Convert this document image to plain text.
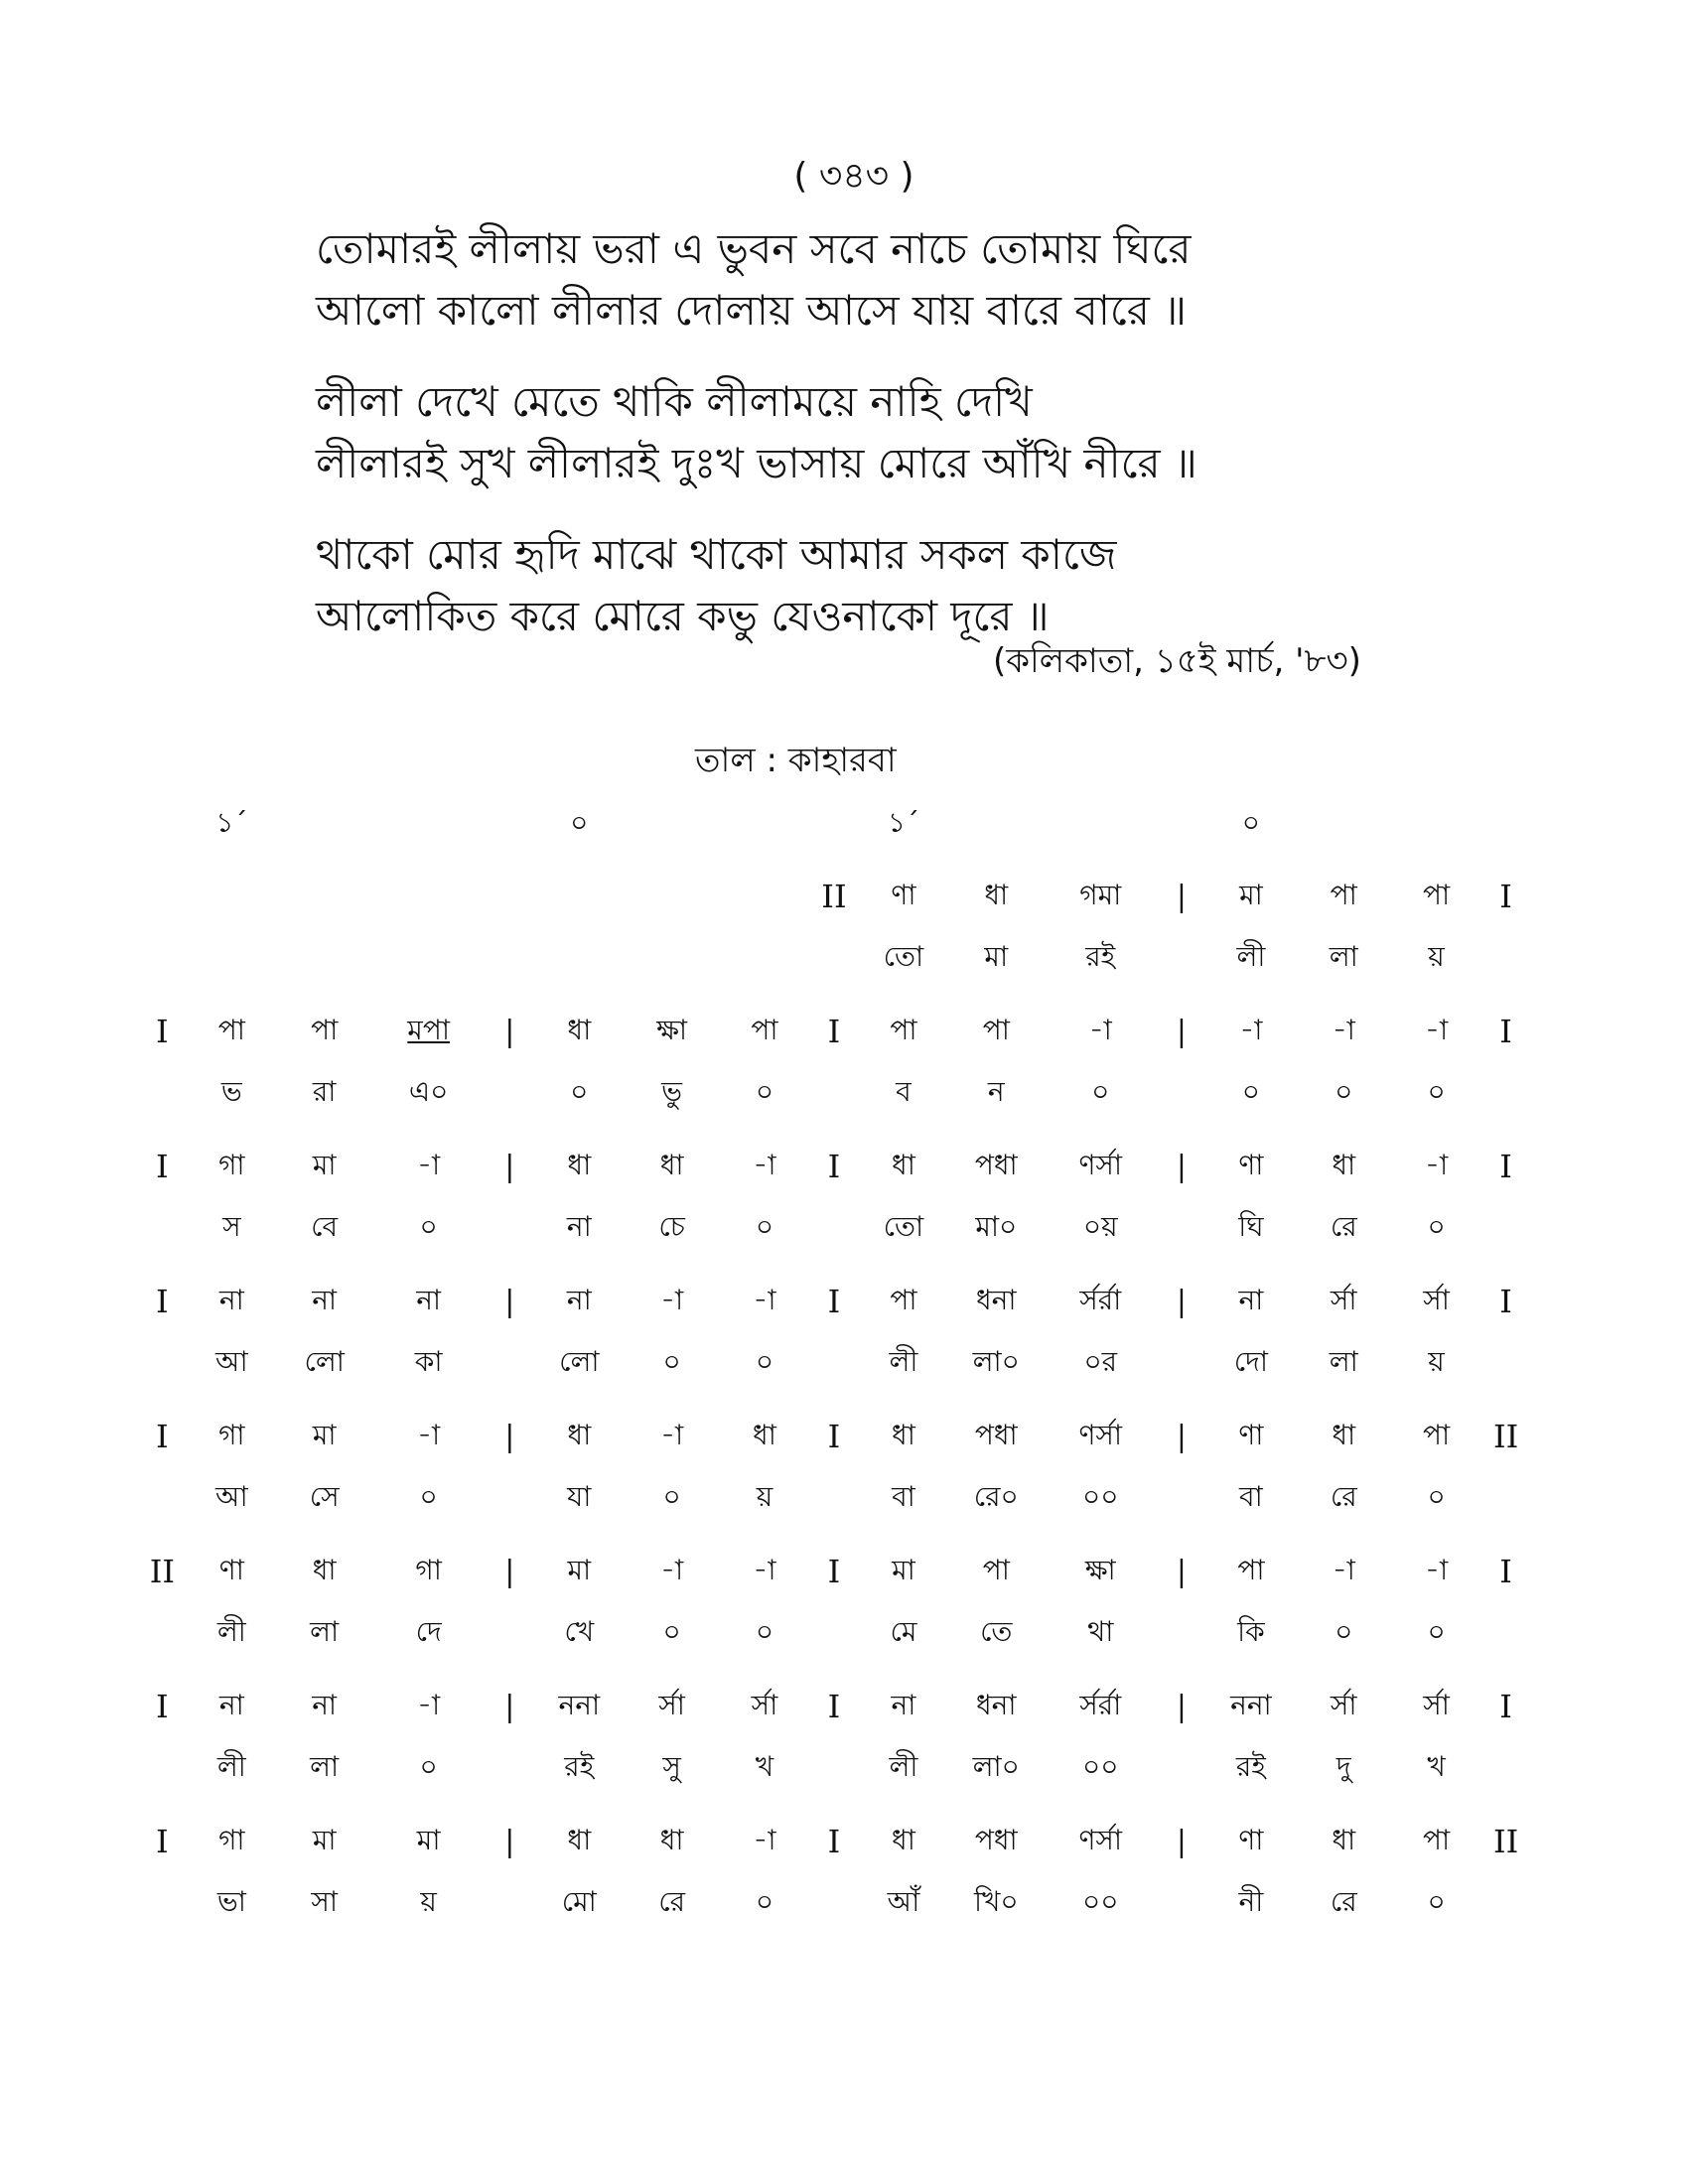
( ৩৪৩ )
তোমারই লীলায় ভরা এ ভুবন সবে নাচে তোমায় ঘিরে
আলো কালো লীলার দোলায় আসে যায় বারে বারে ॥
লীলা দেখে মেতে থাকি লীলাময়ে নাহি দেখি
লীলারই সুখ লীলারই দুঃখ ভাসায় মোরে আঁখি নীরে ॥
থাকো মোর হৃদি মাঝে থাকো আমার সকল কাজে
আলোকিত করে মোরে কভু যেওনাকো দূরে ॥
(কলিকাতা, ১৫ই মার্চ, '৮৩)
তাল : কাহারবা
	১´				০				১´				০			
								II	ণা	ধা	গমা	|	মা	পা	পা	I
									তো	মা	রই		লী	লা	য়	
I	পা	পা	মপা	|	ধা	ক্ষা	পা	I	পা	পা	-া	|	-া	-া	-া	I
	ভ	রা	এ০		০	ভু	০		ব	ন	০		০	০	০	
I	গা	মা	-া	|	ধা	ধা	-া	I	ধা	পধা	ণর্সা	|	ণা	ধা	-া	I
	স	বে	০		না	চে	০		তো	মা০	০য়		ঘি	রে	০	
I	না	না	না	|	না	-া	-া	I	পা	ধনা	র্সর্রা	|	না	র্সা	র্সা	I
	আ	লো	কা		লো	০	০		লী	লা০	০র		দো	লা	য়	
I	গা	মা	-া	|	ধা	-া	ধা	I	ধা	পধা	ণর্সা	|	ণা	ধা	পা	II
	আ	সে	০		যা	০	য়		বা	রে০	০০		বা	রে	০	
II	ণা	ধা	গা	|	মা	-া	-া	I	মা	পা	ক্ষা	|	পা	-া	-া	I
	লী	লা	দে		খে	০	০		মে	তে	থা		কি	০	০	
I	না	না	-া	|	ননা	র্সা	র্সা	I	না	ধনা	র্সর্রা	|	ননা	র্সা	র্সা	I
	লী	লা	০		রই	সু	খ		লী	লা০	০০		রই	দু	খ	
I	গা	মা	মা	|	ধা	ধা	-া	I	ধা	পধা	ণর্সা	|	ণা	ধা	পা	II
	ভা	সা	য়		মো	রে	০		আঁ	খি০	০০		নী	রে	০	
